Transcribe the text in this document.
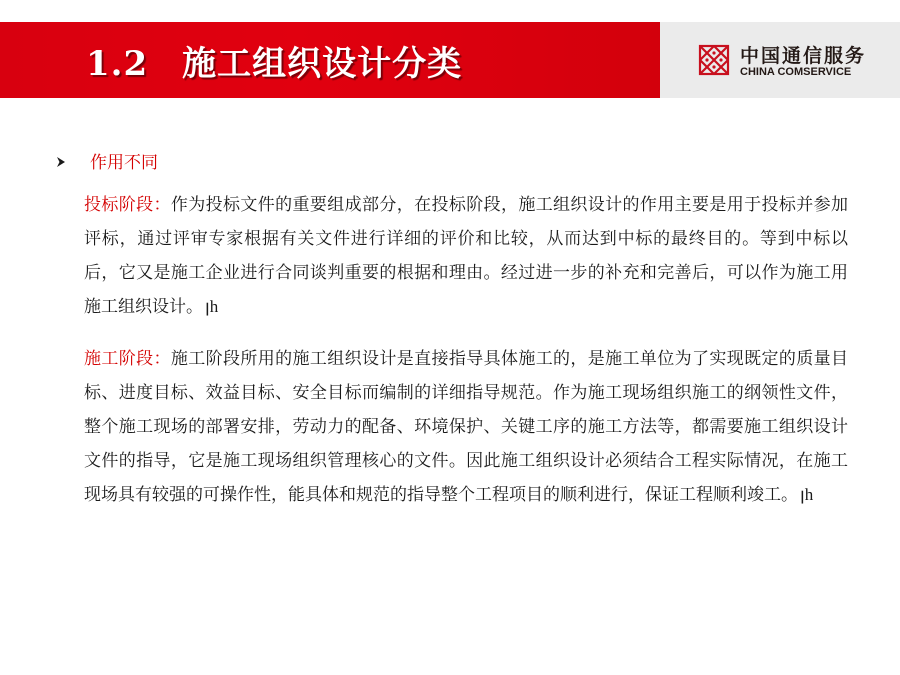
1.2 施工组织设计分类	中国通信服务
CHINA COMSERVICE
作用不同

投标阶段：作为投标文件的重要组成部分，在投标阶段，施工组织设计的作用主要是用于投标并参加评标，通过评审专家根据有关文件进行详细的评价和比较，从而达到中标的最终目的。等到中标以后，它又是施工企业进行合同谈判重要的根据和理由。经过进一步的补充和完善后，可以作为施工用施工组织设计。 ꞁh

施工阶段：施工阶段所用的施工组织设计是直接指导具体施工的，是施工单位为了实现既定的质量目标、进度目标、效益目标、安全目标而编制的详细指导规范。作为施工现场组织施工的纲领性文件，整个施工现场的部署安排，劳动力的配备、环境保护、关键工序的施工方法等，都需要施工组织设计文件的指导，它是施工现场组织管理核心的文件。因此施工组织设计必须结合工程实际情况，在施工现场具有较强的可操作性，能具体和规范的指导整个工程项目的顺利进行，保证工程顺利竣工。 ꞁh
